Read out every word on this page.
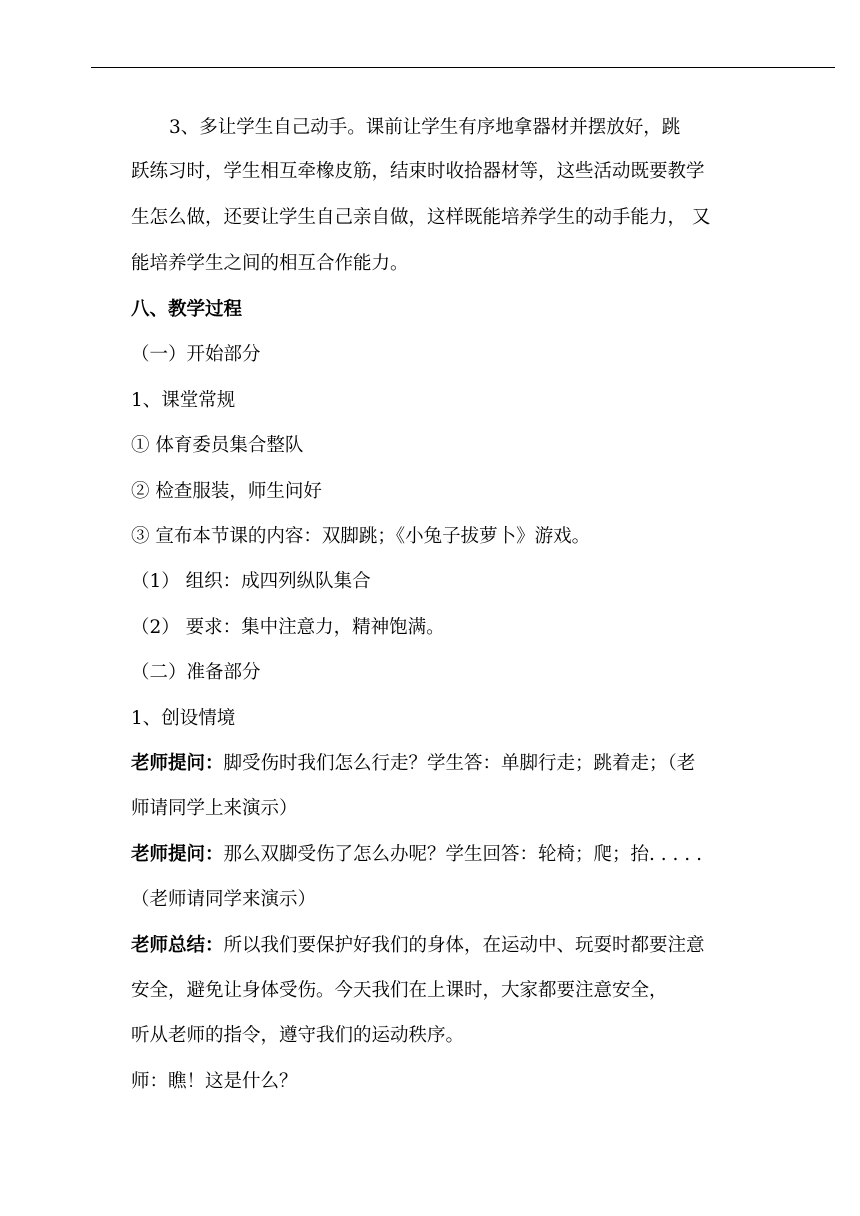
3、多让学生自己动手。课前让学生有序地拿器材并摆放好，跳
跃练习时，学生相互牵橡皮筋，结束时收拾器材等，这些活动既要教学
生怎么做，还要让学生自己亲自做，这样既能培养学生的动手能力， 又
能培养学生之间的相互合作能力。
八、教学过程
（一）开始部分
1、课堂常规
① 体育委员集合整队
② 检查服装，师生问好
③ 宣布本节课的内容：双脚跳；《小兔子拔萝卜》游戏。
（1） 组织：成四列纵队集合
（2） 要求：集中注意力，精神饱满。
（二）准备部分
1、创设情境
老师提问：脚受伤时我们怎么行走？学生答：单脚行走；跳着走；（老
师请同学上来演示）
老师提问：那么双脚受伤了怎么办呢？学生回答：轮椅；爬；抬. . . . .
（老师请同学来演示）
老师总结：所以我们要保护好我们的身体，在运动中、玩耍时都要注意
安全，避免让身体受伤。今天我们在上课时，大家都要注意安全，
听从老师的指令，遵守我们的运动秩序。
师：瞧！这是什么？
